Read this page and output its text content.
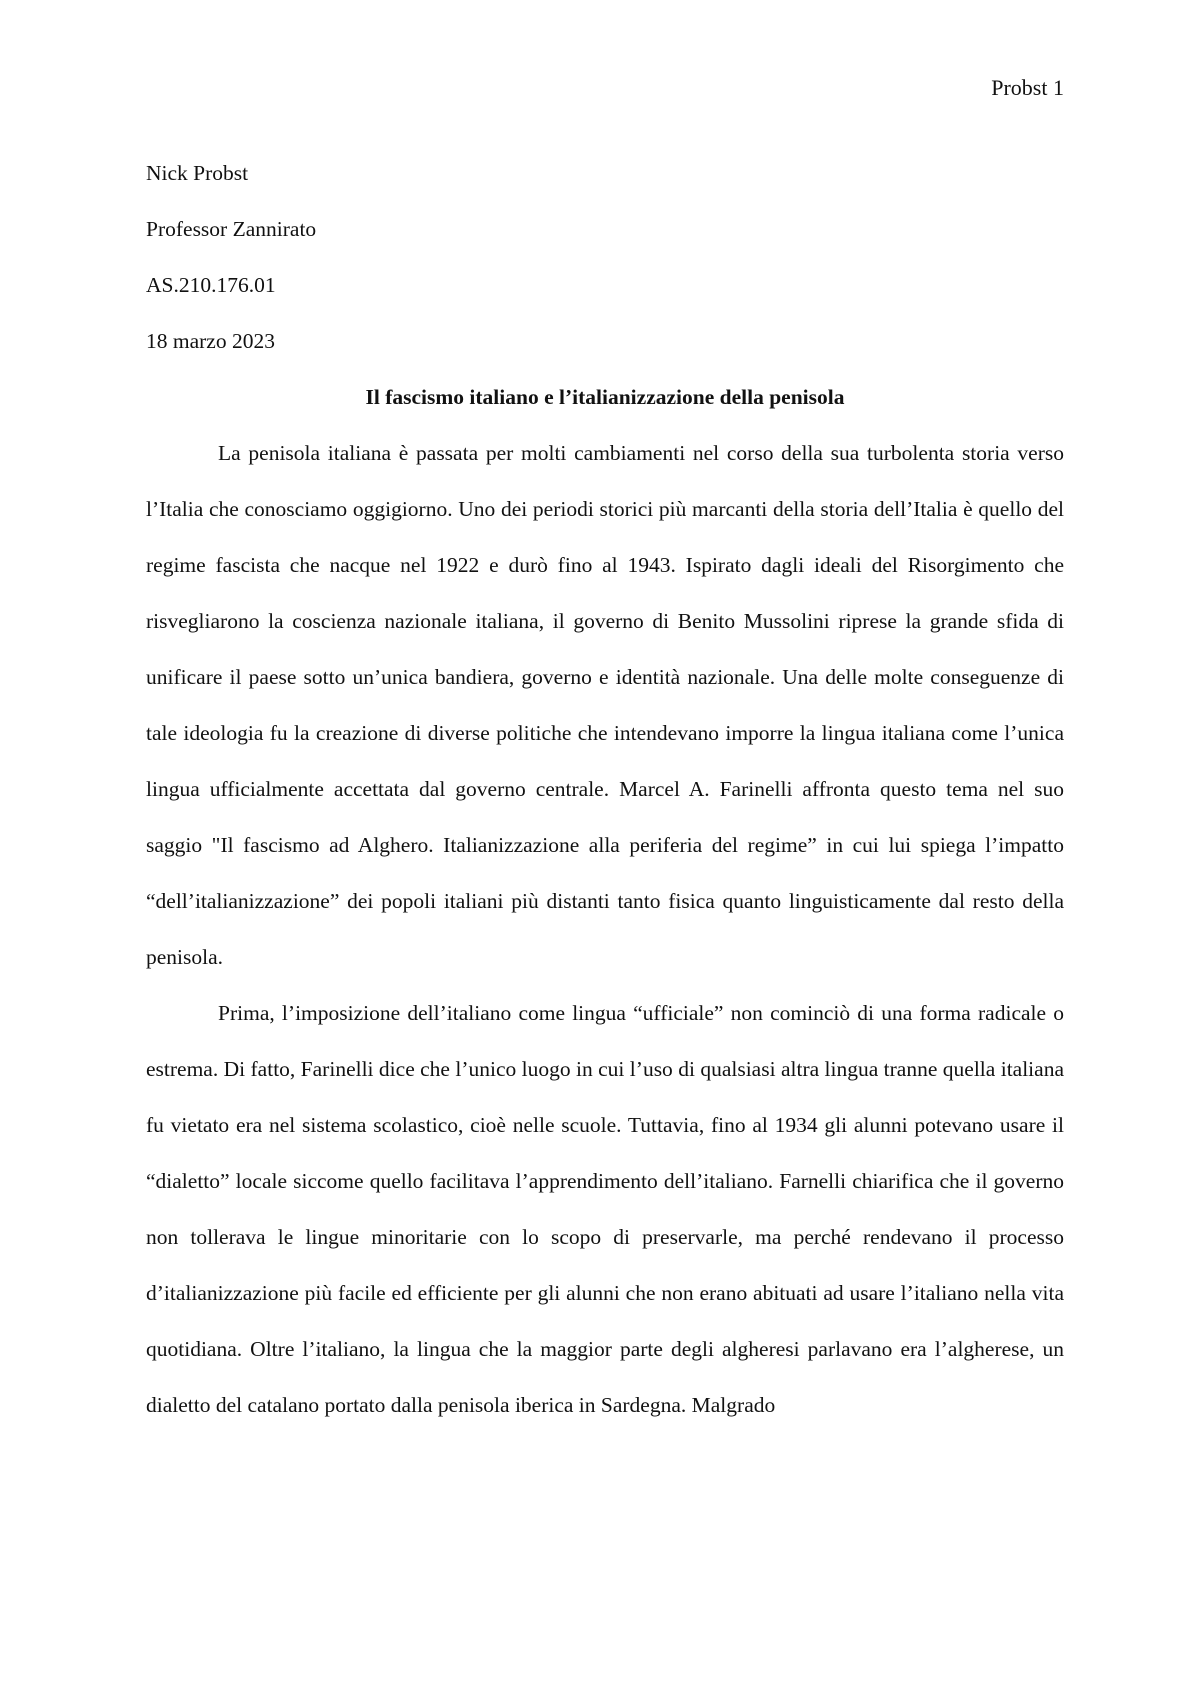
Probst 1

Nick Probst

Professor Zannirato

AS.210.176.01

18 marzo 2023

Il fascismo italiano e l’italianizzazione della penisola

La penisola italiana è passata per molti cambiamenti nel corso della sua turbolenta storia verso l’Italia che conosciamo oggigiorno. Uno dei periodi storici più marcanti della storia dell’Italia è quello del regime fascista che nacque nel 1922 e durò fino al 1943. Ispirato dagli ideali del Risorgimento che risvegliarono la coscienza nazionale italiana, il governo di Benito Mussolini riprese la grande sfida di unificare il paese sotto un’unica bandiera, governo e identità nazionale. Una delle molte conseguenze di tale ideologia fu la creazione di diverse politiche che intendevano imporre la lingua italiana come l’unica lingua ufficialmente accettata dal governo centrale. Marcel A. Farinelli affronta questo tema nel suo saggio "Il fascismo ad Alghero. Italianizzazione alla periferia del regime” in cui lui spiega l’impatto “dell’italianizzazione” dei popoli italiani più distanti tanto fisica quanto linguisticamente dal resto della penisola.

Prima, l’imposizione dell’italiano come lingua “ufficiale” non cominciò di una forma radicale o estrema. Di fatto, Farinelli dice che l’unico luogo in cui l’uso di qualsiasi altra lingua tranne quella italiana fu vietato era nel sistema scolastico, cioè nelle scuole. Tuttavia, fino al 1934 gli alunni potevano usare il “dialetto” locale siccome quello facilitava l’apprendimento dell’italiano. Farnelli chiarifica che il governo non tollerava le lingue minoritarie con lo scopo di preservarle, ma perché rendevano il processo d’italianizzazione più facile ed efficiente per gli alunni che non erano abituati ad usare l’italiano nella vita quotidiana. Oltre l’italiano, la lingua che la maggior parte degli algheresi parlavano era l’algherese, un dialetto del catalano portato dalla penisola iberica in Sardegna. Malgrado
